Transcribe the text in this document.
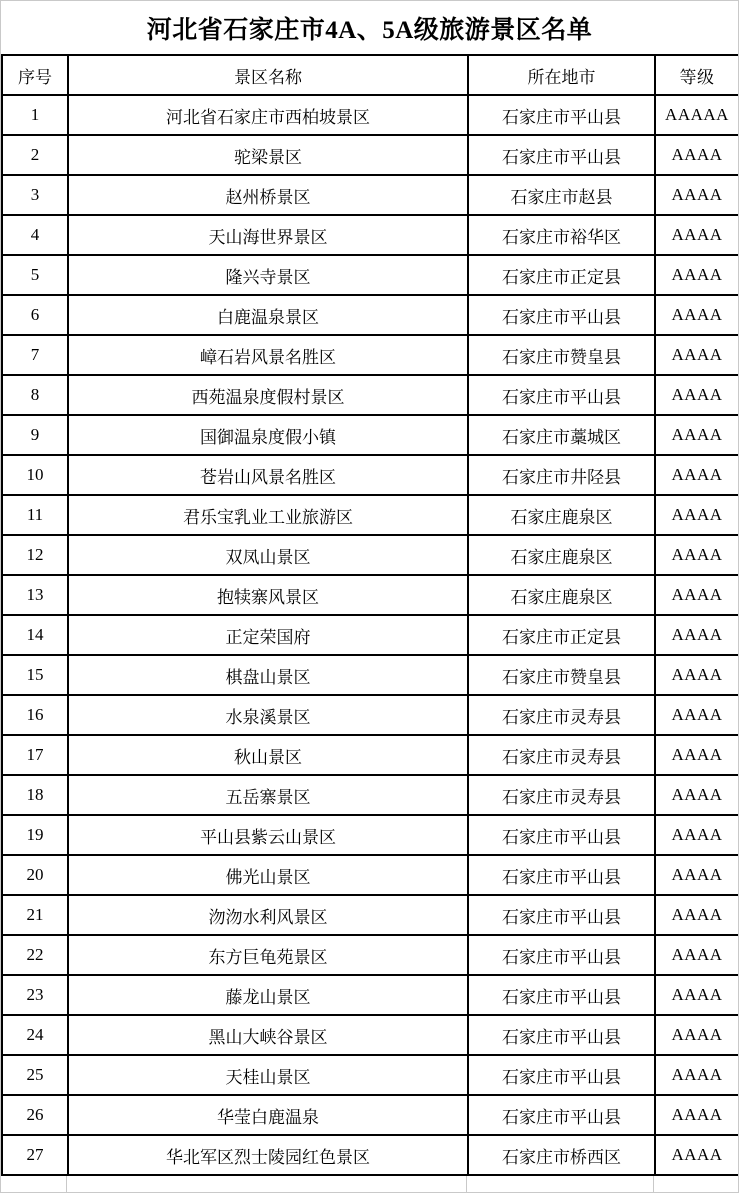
河北省石家庄市4A、5A级旅游景区名单
序号	景区名称	所在地市	等级
1	河北省石家庄市西柏坡景区	石家庄市平山县	AAAAA
2	驼梁景区	石家庄市平山县	AAAA
3	赵州桥景区	石家庄市赵县	AAAA
4	天山海世界景区	石家庄市裕华区	AAAA
5	隆兴寺景区	石家庄市正定县	AAAA
6	白鹿温泉景区	石家庄市平山县	AAAA
7	嶂石岩风景名胜区	石家庄市赞皇县	AAAA
8	西苑温泉度假村景区	石家庄市平山县	AAAA
9	国御温泉度假小镇	石家庄市藁城区	AAAA
10	苍岩山风景名胜区	石家庄市井陉县	AAAA
11	君乐宝乳业工业旅游区	石家庄鹿泉区	AAAA
12	双凤山景区	石家庄鹿泉区	AAAA
13	抱犊寨风景区	石家庄鹿泉区	AAAA
14	正定荣国府	石家庄市正定县	AAAA
15	棋盘山景区	石家庄市赞皇县	AAAA
16	水泉溪景区	石家庄市灵寿县	AAAA
17	秋山景区	石家庄市灵寿县	AAAA
18	五岳寨景区	石家庄市灵寿县	AAAA
19	平山县紫云山景区	石家庄市平山县	AAAA
20	佛光山景区	石家庄市平山县	AAAA
21	沕沕水利风景区	石家庄市平山县	AAAA
22	东方巨龟苑景区	石家庄市平山县	AAAA
23	藤龙山景区	石家庄市平山县	AAAA
24	黑山大峡谷景区	石家庄市平山县	AAAA
25	天桂山景区	石家庄市平山县	AAAA
26	华莹白鹿温泉	石家庄市平山县	AAAA
27	华北军区烈士陵园红色景区	石家庄市桥西区	AAAA
